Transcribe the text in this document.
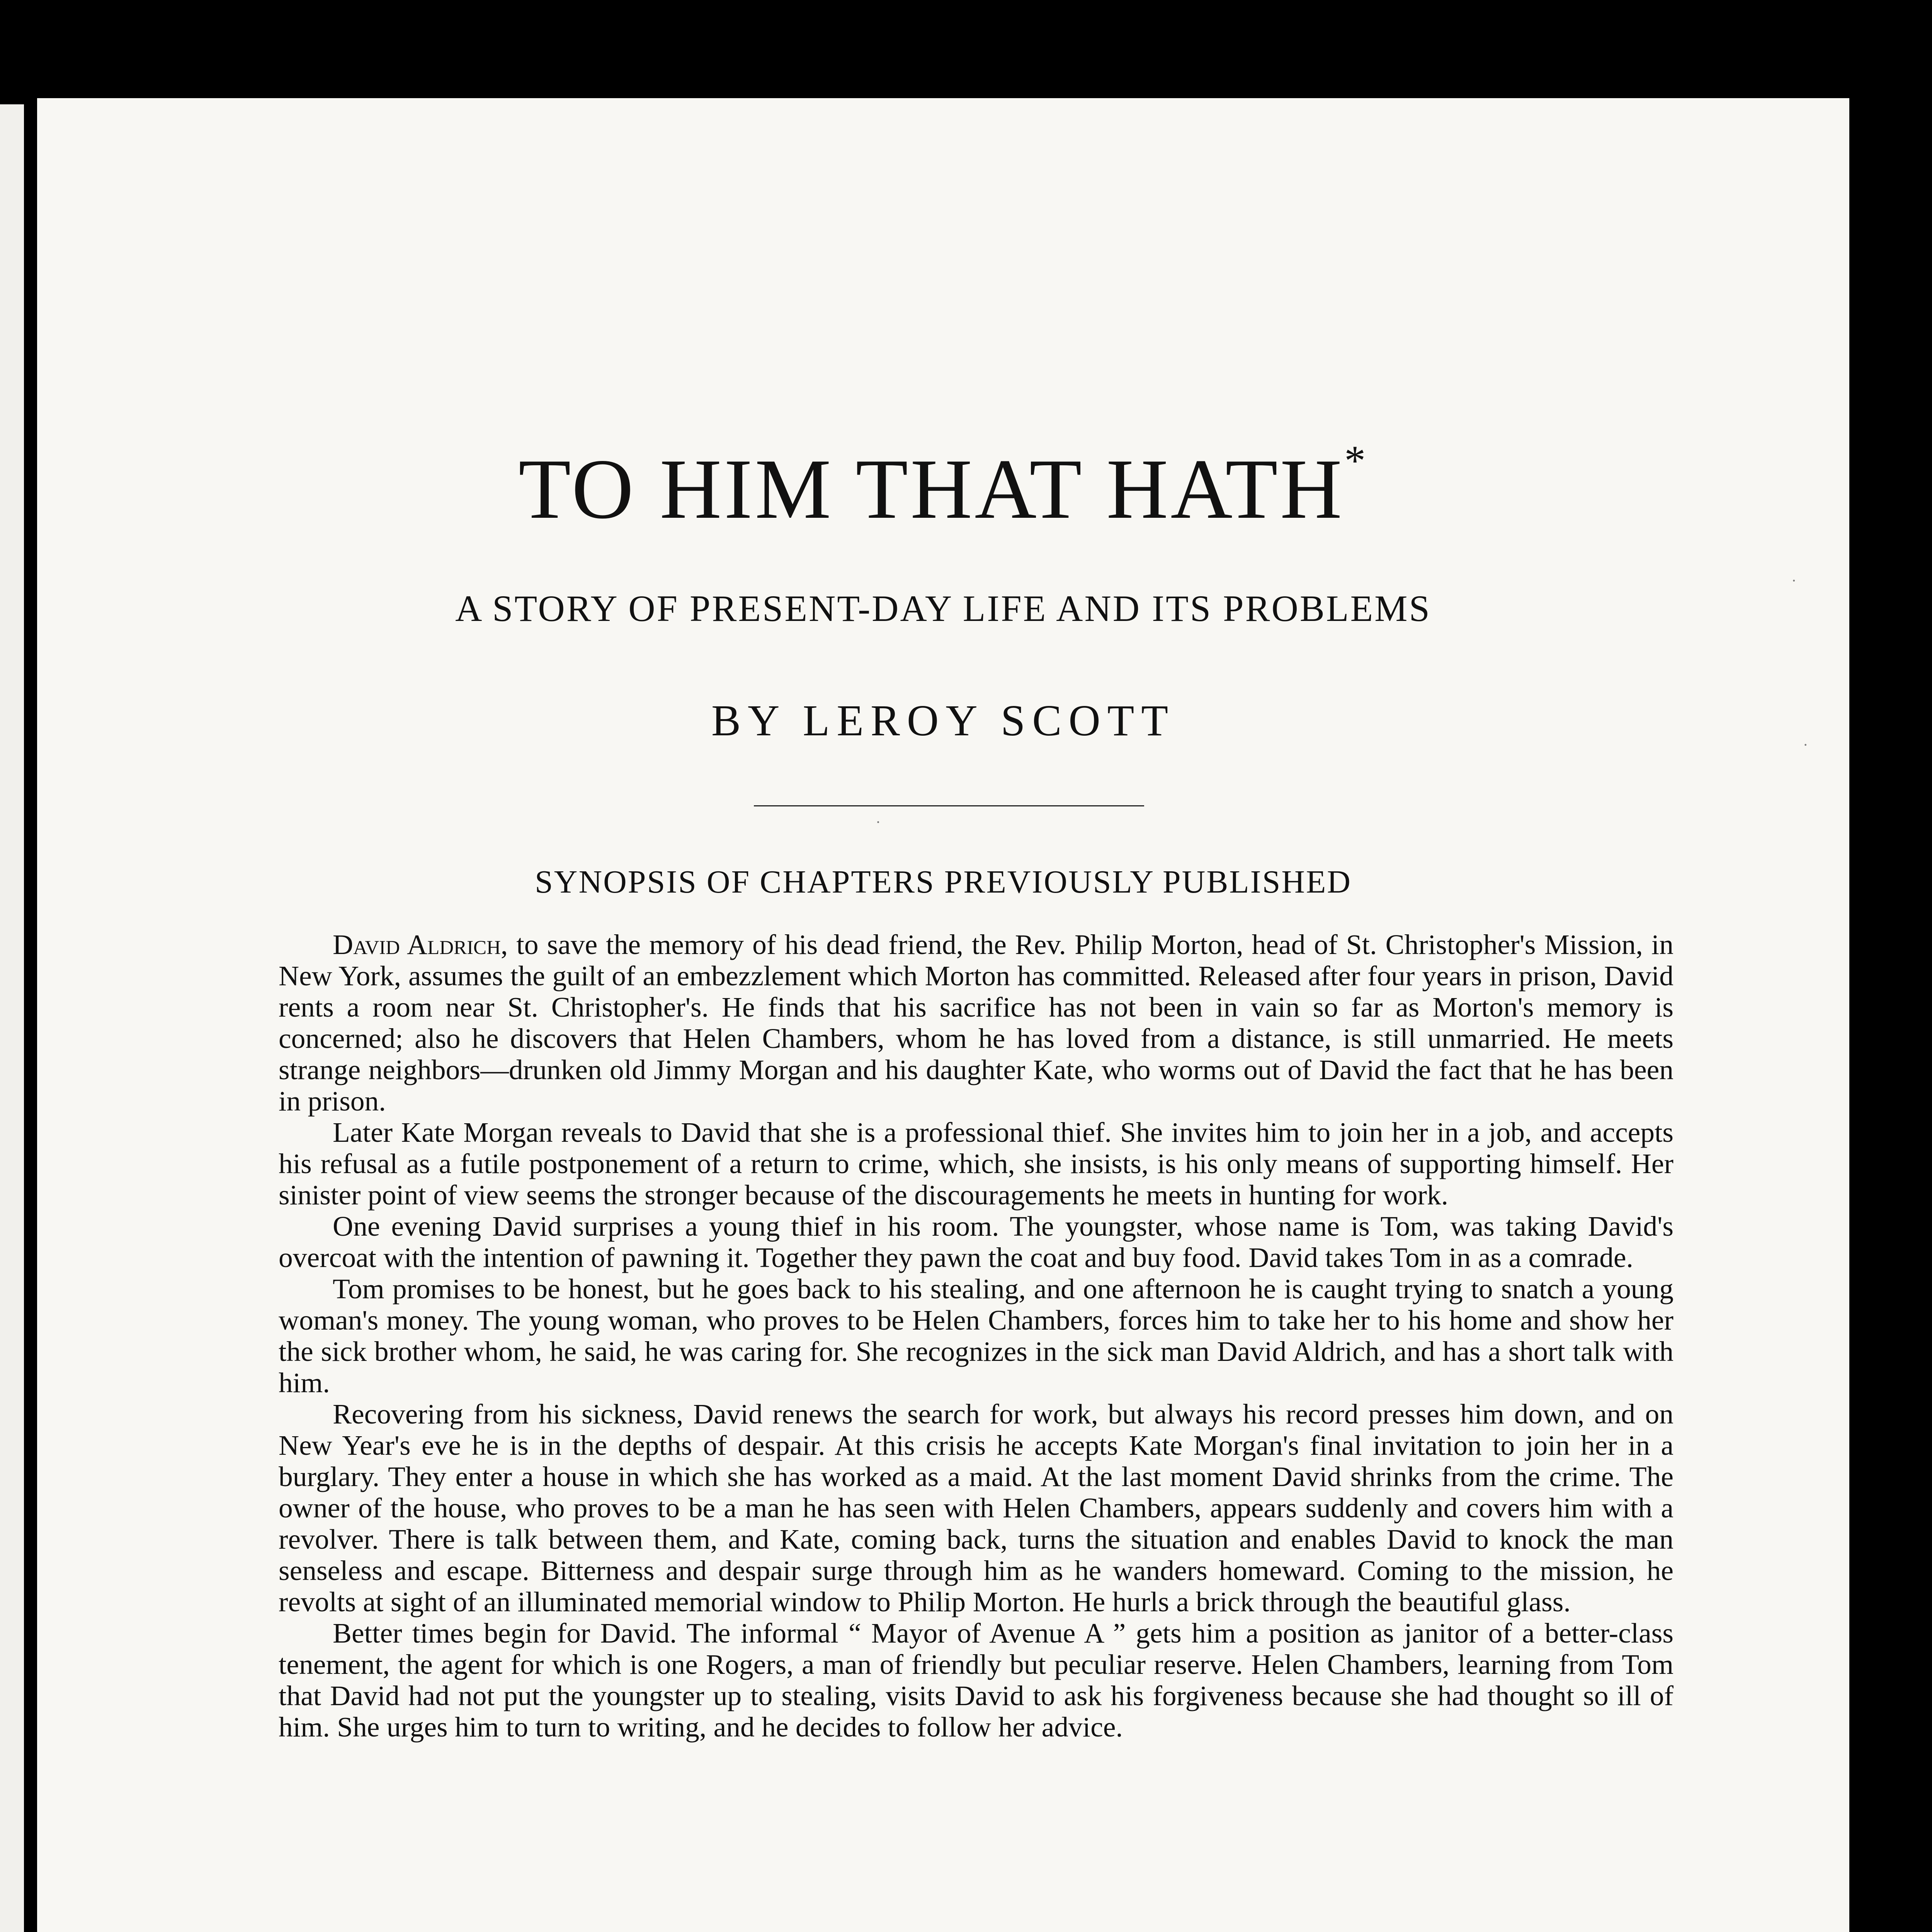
TO HIM THAT HATH*
A STORY OF PRESENT-DAY LIFE AND ITS PROBLEMS
BY LEROY SCOTT
·
SYNOPSIS OF CHAPTERS PREVIOUSLY PUBLISHED

David Aldrich, to save the memory of his dead friend, the Rev. Philip Morton, head of St. Christopher's Mission, in New York, assumes the guilt of an embezzlement which Morton has committed. Released after four years in prison, David rents a room near St. Christopher's. He finds that his sacrifice has not been in vain so far as Morton's memory is concerned; also he discovers that Helen Chambers, whom he has loved from a distance, is still unmarried. He meets strange neighbors—drunken old Jimmy Morgan and his daughter Kate, who worms out of David the fact that he has been in prison.

Later Kate Morgan reveals to David that she is a professional thief. She invites him to join her in a job, and accepts his refusal as a futile postponement of a return to crime, which, she insists, is his only means of supporting himself. Her sinister point of view seems the stronger because of the discouragements he meets in hunting for work.

One evening David surprises a young thief in his room. The youngster, whose name is Tom, was taking David's overcoat with the intention of pawning it. Together they pawn the coat and buy food. David takes Tom in as a comrade.

Tom promises to be honest, but he goes back to his stealing, and one afternoon he is caught trying to snatch a young woman's money. The young woman, who proves to be Helen Chambers, forces him to take her to his home and show her the sick brother whom, he said, he was caring for. She recognizes in the sick man David Aldrich, and has a short talk with him.

Recovering from his sickness, David renews the search for work, but always his record presses him down, and on New Year's eve he is in the depths of despair. At this crisis he accepts Kate Morgan's final invitation to join her in a burglary. They enter a house in which she has worked as a maid. At the last moment David shrinks from the crime. The owner of the house, who proves to be a man he has seen with Helen Chambers, appears suddenly and covers him with a revolver. There is talk between them, and Kate, coming back, turns the situation and enables David to knock the man senseless and escape. Bitterness and despair surge through him as he wanders homeward. Coming to the mission, he revolts at sight of an illuminated memorial window to Philip Morton. He hurls a brick through the beautiful glass.

Better times begin for David. The informal “ Mayor of Avenue A ” gets him a position as janitor of a better-class tenement, the agent for which is one Rogers, a man of friendly but peculiar reserve. Helen Chambers, learning from Tom that David had not put the youngster up to stealing, visits David to ask his forgiveness because she had thought so ill of him. She urges him to turn to writing, and he decides to follow her advice.

·
·
